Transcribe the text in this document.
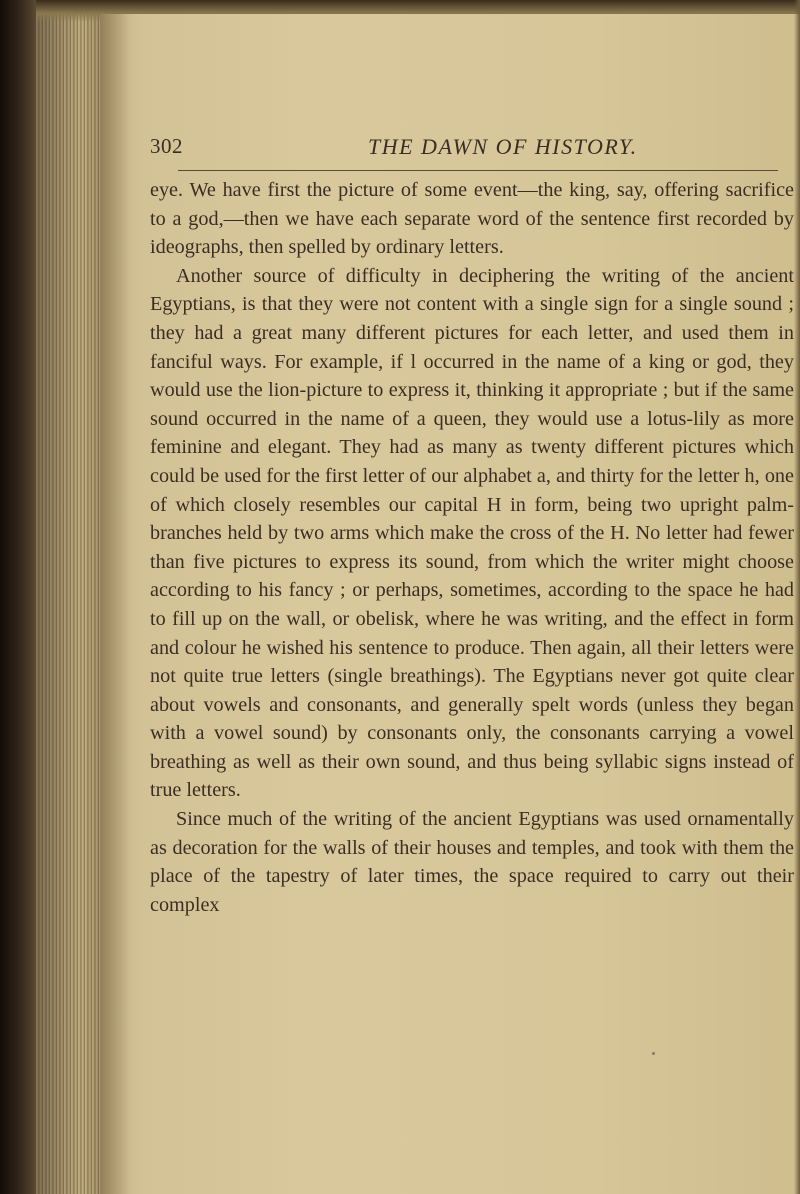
302	THE DAWN OF HISTORY.

eye. We have first the picture of some event—the king, say, offering sacrifice to a god,—then we have each separate word of the sentence first recorded by ideographs, then spelled by ordinary letters.

Another source of difficulty in deciphering the writing of the ancient Egyptians, is that they were not content with a single sign for a single sound ; they had a great many different pictures for each letter, and used them in fanciful ways. For example, if l occurred in the name of a king or god, they would use the lion-picture to express it, thinking it appropriate ; but if the same sound occurred in the name of a queen, they would use a lotus-lily as more feminine and elegant. They had as many as twenty different pictures which could be used for the first letter of our alphabet a, and thirty for the letter h, one of which closely resembles our capital H in form, being two upright palm-branches held by two arms which make the cross of the H. No letter had fewer than five pictures to express its sound, from which the writer might choose according to his fancy ; or perhaps, sometimes, according to the space he had to fill up on the wall, or obelisk, where he was writing, and the effect in form and colour he wished his sentence to produce. Then again, all their letters were not quite true letters (single breathings). The Egyptians never got quite clear about vowels and consonants, and generally spelt words (unless they began with a vowel sound) by consonants only, the consonants carrying a vowel breathing as well as their own sound, and thus being syllabic signs instead of true letters.

Since much of the writing of the ancient Egyptians was used ornamentally as decoration for the walls of their houses and temples, and took with them the place of the tapestry of later times, the space required to carry out their complex
